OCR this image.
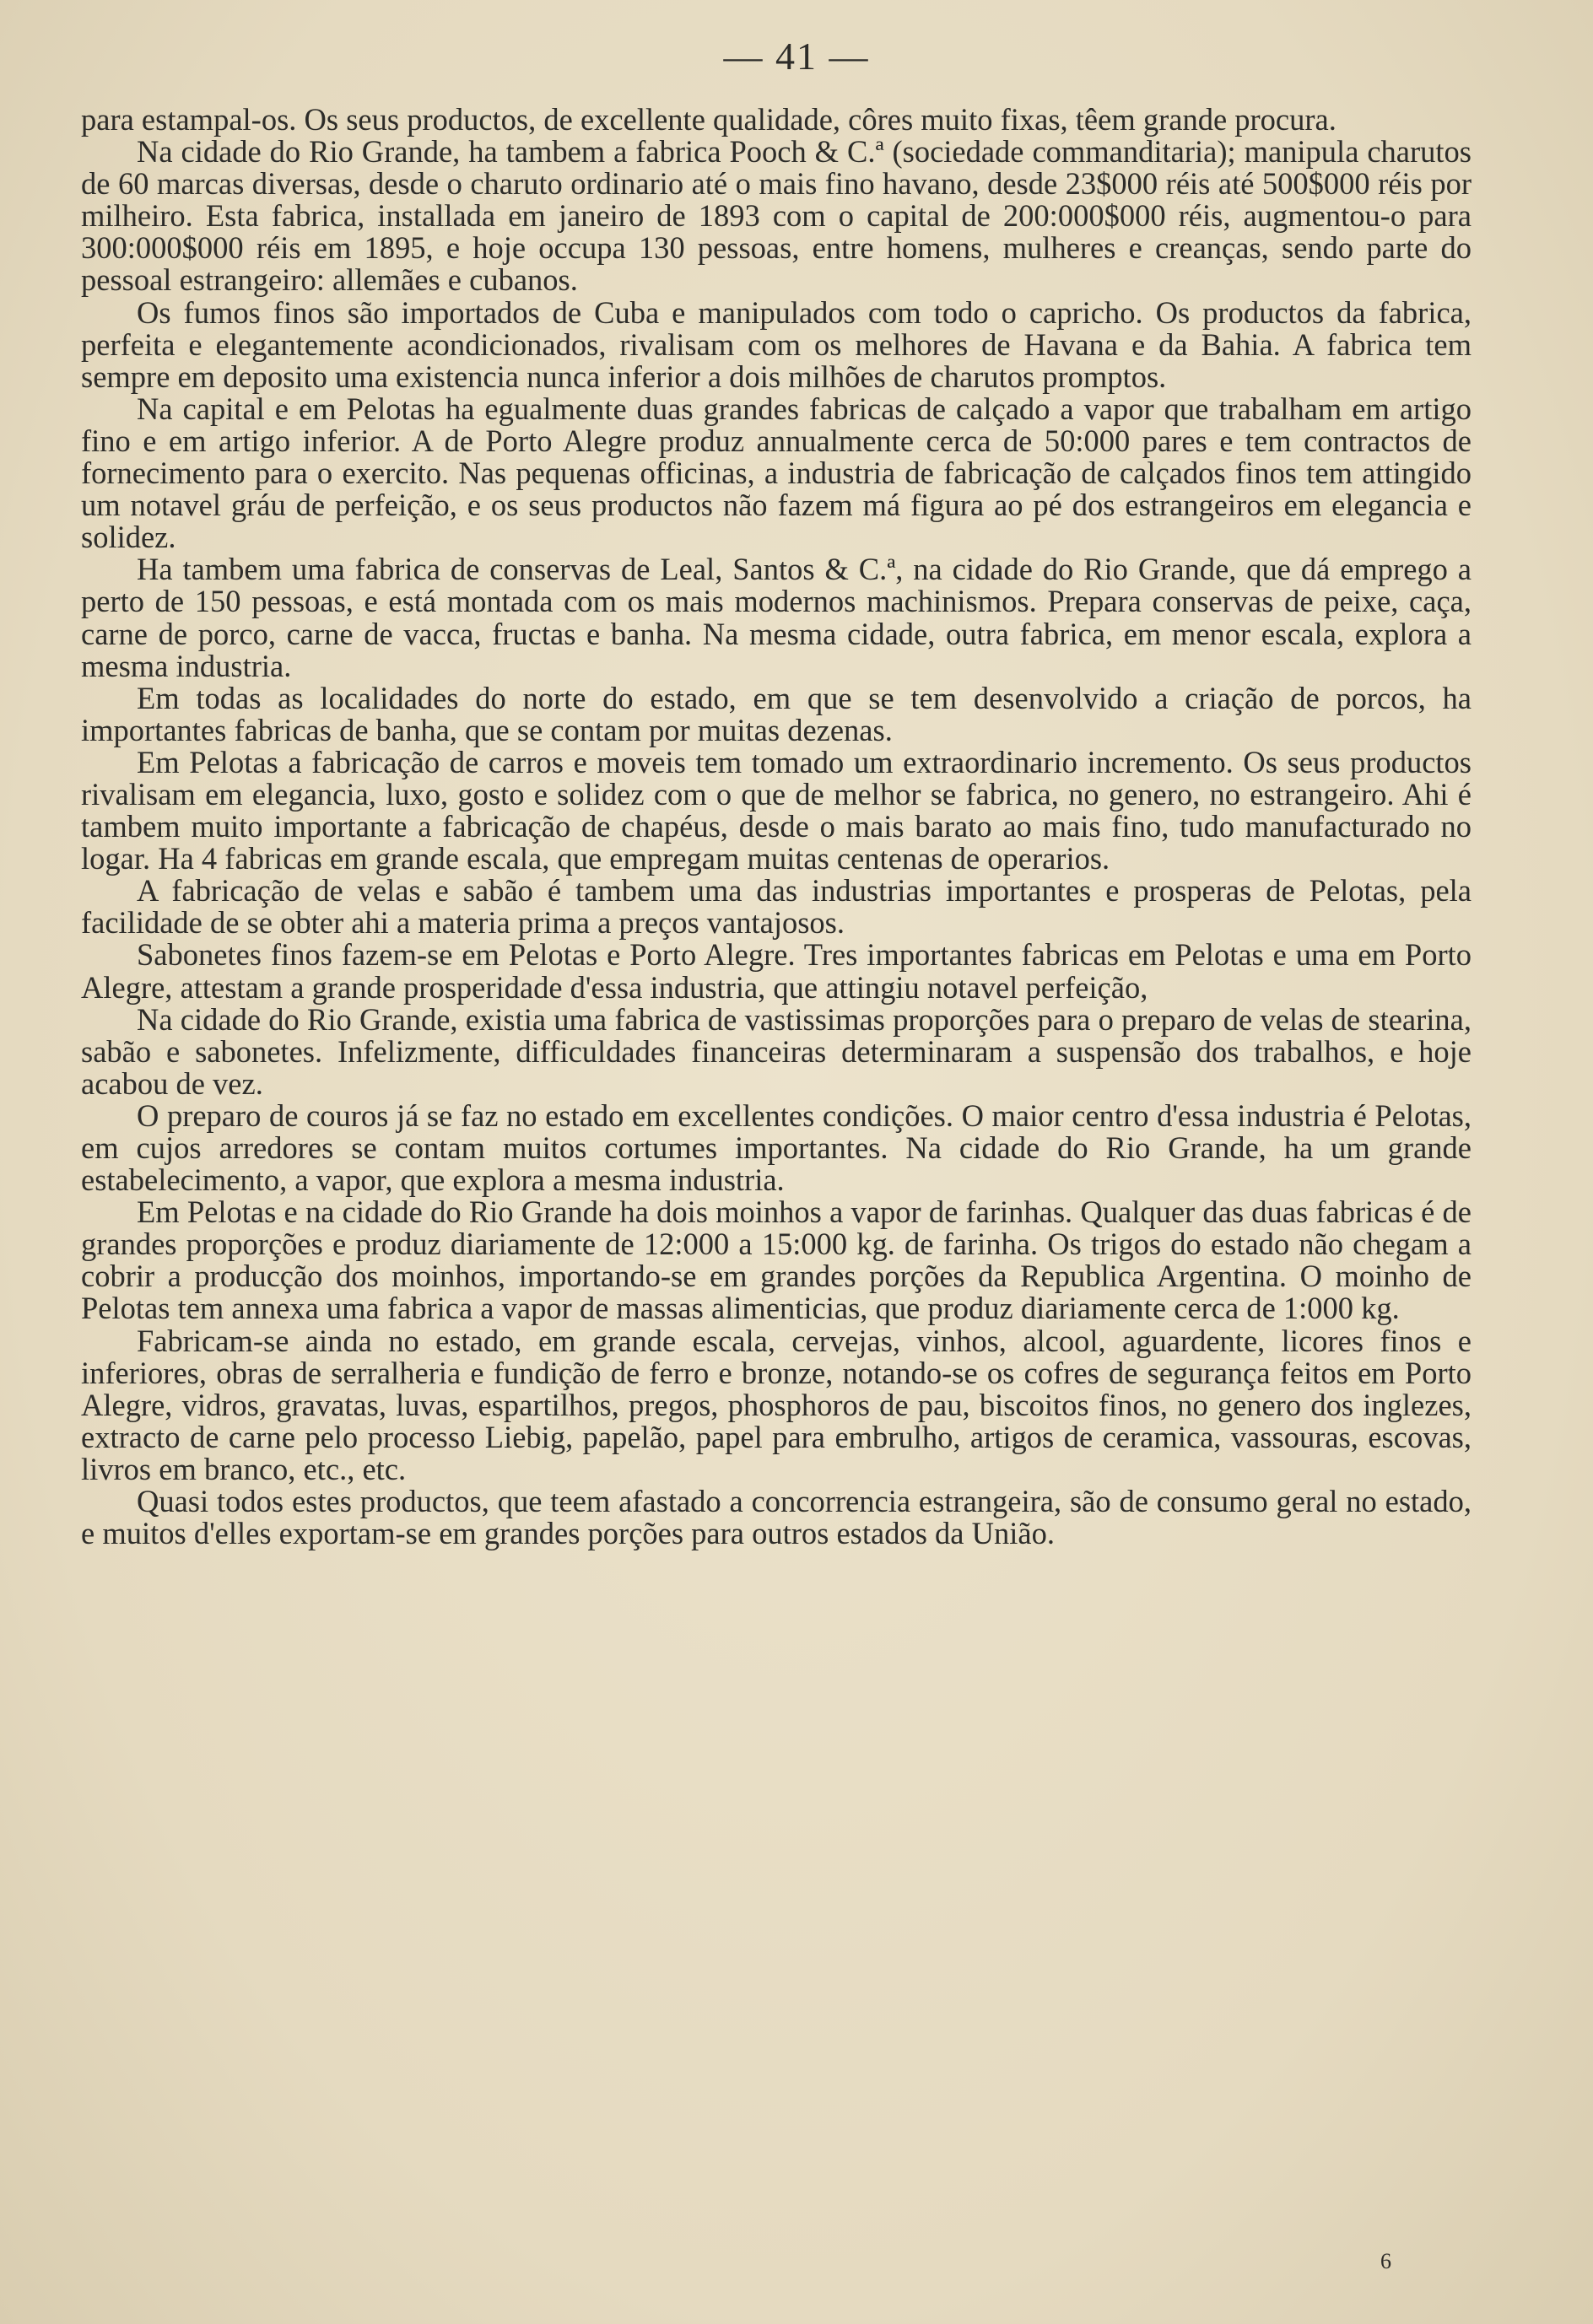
— 41 —

para estampal-os. Os seus productos, de excellente qualidade, côres muito fixas, têem grande procura.

Na cidade do Rio Grande, ha tambem a fabrica Pooch & C.ª (sociedade commanditaria); manipula charutos de 60 marcas diversas, desde o charuto ordinario até o mais fino havano, desde 23$000 réis até 500$000 réis por milheiro. Esta fabrica, installada em janeiro de 1893 com o capital de 200:000$000 réis, augmentou-o para 300:000$000 réis em 1895, e hoje occupa 130 pessoas, entre homens, mulheres e creanças, sendo parte do pessoal estrangeiro: allemães e cubanos.

Os fumos finos são importados de Cuba e manipulados com todo o capricho. Os productos da fabrica, perfeita e elegantemente acondicionados, rivalisam com os melhores de Havana e da Bahia. A fabrica tem sempre em deposito uma existencia nunca inferior a dois milhões de charutos promptos.

Na capital e em Pelotas ha egualmente duas grandes fabricas de calçado a vapor que trabalham em artigo fino e em artigo inferior. A de Porto Alegre produz annualmente cerca de 50:000 pares e tem contractos de fornecimento para o exercito. Nas pequenas officinas, a industria de fabricação de calçados finos tem attingido um notavel gráu de perfeição, e os seus productos não fazem má figura ao pé dos estrangeiros em elegancia e solidez.

Ha tambem uma fabrica de conservas de Leal, Santos & C.ª, na cidade do Rio Grande, que dá emprego a perto de 150 pessoas, e está montada com os mais modernos machinismos. Prepara conservas de peixe, caça, carne de porco, carne de vacca, fructas e banha. Na mesma cidade, outra fabrica, em menor escala, explora a mesma industria.

Em todas as localidades do norte do estado, em que se tem desenvolvido a criação de porcos, ha importantes fabricas de banha, que se contam por muitas dezenas.

Em Pelotas a fabricação de carros e moveis tem tomado um extraordinario incremento. Os seus productos rivalisam em elegancia, luxo, gosto e solidez com o que de melhor se fabrica, no genero, no estrangeiro. Ahi é tambem muito importante a fabricação de chapéus, desde o mais barato ao mais fino, tudo manufacturado no logar. Ha 4 fabricas em grande escala, que empregam muitas centenas de operarios.

A fabricação de velas e sabão é tambem uma das industrias importantes e prosperas de Pelotas, pela facilidade de se obter ahi a materia prima a preços vantajosos.

Sabonetes finos fazem-se em Pelotas e Porto Alegre. Tres importantes fabricas em Pelotas e uma em Porto Alegre, attestam a grande prosperidade d'essa industria, que attingiu notavel perfeição,

Na cidade do Rio Grande, existia uma fabrica de vastissimas proporções para o preparo de velas de stearina, sabão e sabonetes. Infelizmente, difficuldades financeiras determinaram a suspensão dos trabalhos, e hoje acabou de vez.

O preparo de couros já se faz no estado em excellentes condições. O maior centro d'essa industria é Pelotas, em cujos arredores se contam muitos cortumes importantes. Na cidade do Rio Grande, ha um grande estabelecimento, a vapor, que explora a mesma industria.

Em Pelotas e na cidade do Rio Grande ha dois moinhos a vapor de farinhas. Qualquer das duas fabricas é de grandes proporções e produz diariamente de 12:000 a 15:000 kg. de farinha. Os trigos do estado não chegam a cobrir a producção dos moinhos, importando-se em grandes porções da Republica Argentina. O moinho de Pelotas tem annexa uma fabrica a vapor de massas alimenticias, que produz diariamente cerca de 1:000 kg.

Fabricam-se ainda no estado, em grande escala, cervejas, vinhos, alcool, aguardente, licores finos e inferiores, obras de serralheria e fundição de ferro e bronze, notando-se os cofres de segurança feitos em Porto Alegre, vidros, gravatas, luvas, espartilhos, pregos, phosphoros de pau, biscoitos finos, no genero dos inglezes, extracto de carne pelo processo Liebig, papelão, papel para embrulho, artigos de ceramica, vassouras, escovas, livros em branco, etc., etc.

Quasi todos estes productos, que teem afastado a concorrencia estrangeira, são de consumo geral no estado, e muitos d'elles exportam-se em grandes porções para outros estados da União.

6
